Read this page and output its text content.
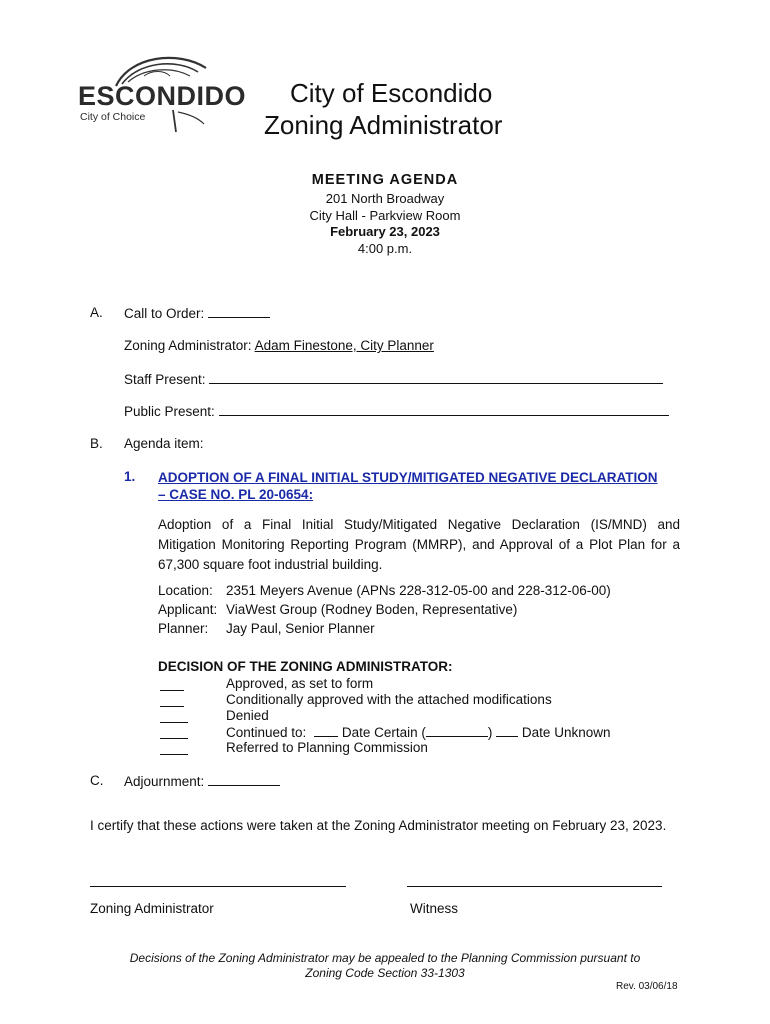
ESCONDIDO
City of Choice
City of Escondido
Zoning Administrator
MEETING AGENDA
201 North Broadway
City Hall - Parkview Room
February 23, 2023
4:00 p.m.
A. Call to Order:
Zoning Administrator: Adam Finestone, City Planner
Staff Present:
Public Present:
B. Agenda item:
1. ADOPTION OF A FINAL INITIAL STUDY/MITIGATED NEGATIVE DECLARATION
– CASE NO. PL 20-0654:
Adoption of a Final Initial Study/Mitigated Negative Declaration (IS/MND) and
Mitigation Monitoring Reporting Program (MMRP), and Approval of a Plot Plan for a
67,300 square foot industrial building.
Location: 2351 Meyers Avenue (APNs 228-312-05-00 and 228-312-06-00)
Applicant: ViaWest Group (Rodney Boden, Representative)
Planner: Jay Paul, Senior Planner
DECISION OF THE ZONING ADMINISTRATOR:
Approved, as set to form
Conditionally approved with the attached modifications
Denied
Continued to:	Date Certain (	) Date Unknown
Referred to Planning Commission
C. Adjournment:
I certify that these actions were taken at the Zoning Administrator meeting on February 23, 2023.
Zoning Administrator	Witness
Decisions of the Zoning Administrator may be appealed to the Planning Commission pursuant to
Zoning Code Section 33-1303
Rev. 03/06/18
